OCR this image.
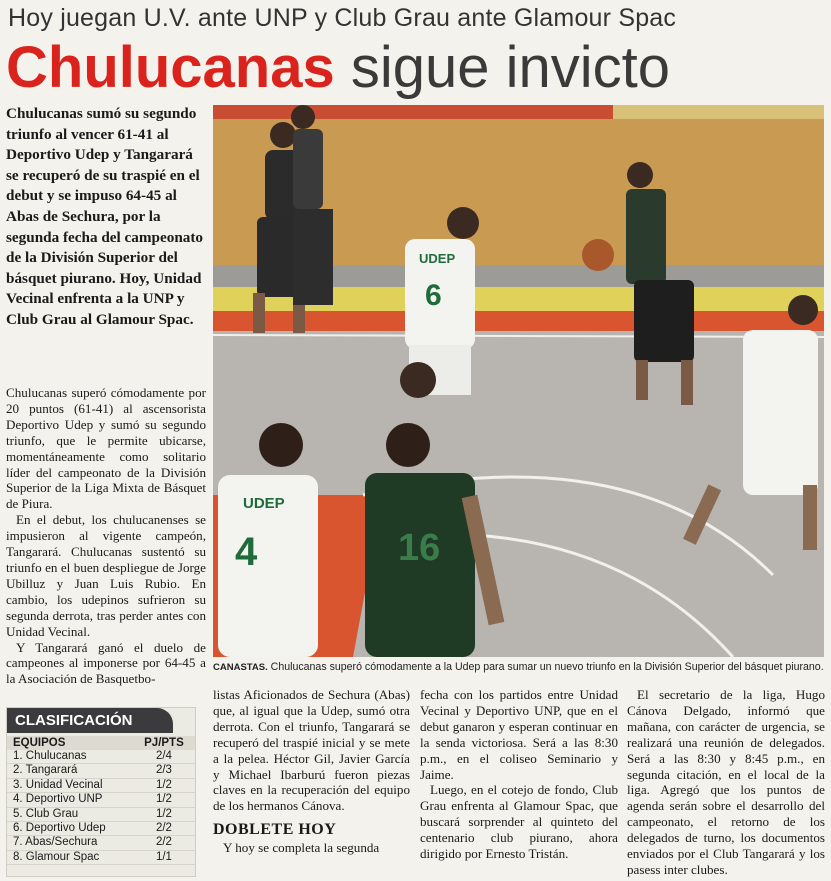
Hoy juegan U.V. ante UNP y Club Grau ante Glamour Spac
Chulucanas sigue invicto

Chulucanas sumó su segundo triunfo al vencer 61-41 al Deportivo Udep y Tangarará se recuperó de su traspié en el debut y se impuso 64-45 al Abas de Sechura, por la segunda fecha del campeonato de la División Superior del básquet piurano. Hoy, Unidad Vecinal enfrenta a la UNP y Club Grau al Glamour Spac.

Chulucanas superó cómodamente por 20 puntos (61-41) al ascensorista Deportivo Udep y sumó su segundo triunfo, que le permite ubicarse, momentáneamente como solitario líder del campeonato de la División Superior de la Liga Mixta de Básquet de Piura.

En el debut, los chulucanenses se impusieron al vigente campeón, Tangarará. Chulucanas sustentó su triunfo en el buen despliegue de Jorge Ubilluz y Juan Luis Rubio. En cambio, los udepinos sufrieron su segunda derrota, tras perder antes con Unidad Vecinal.

Y Tangarará ganó el duelo de campeones al imponerse por 64-45 a la Asociación de Basquetbo-

UDEP
6
UDEP
4	16
CANASTAS. Chulucanas superó cómodamente a la Udep para sumar un nuevo triunfo en la División Superior del básquet piurano.

listas Aficionados de Sechura (Abas) que, al igual que la Udep, sumó otra derrota. Con el triunfo, Tangarará se recuperó del traspié inicial y se mete a la pelea. Héctor Gil, Javier García y Michael Ibarburú fueron piezas claves en la recuperación del equipo de los hermanos Cánova.

DOBLETE HOY

Y hoy se completa la segunda

fecha con los partidos entre Unidad Vecinal y Deportivo UNP, que en el debut ganaron y esperan continuar en la senda victoriosa. Será a las 8:30 p.m., en el coliseo Seminario y Jaime.

Luego, en el cotejo de fondo, Club Grau enfrenta al Glamour Spac, que buscará sorprender al quinteto del centenario club piurano, ahora dirigido por Ernesto Tristán.

El secretario de la liga, Hugo Cánova Delgado, informó que mañana, con carácter de urgencia, se realizará una reunión de delegados. Será a las 8:30 y 8:45 p.m., en segunda citación, en el local de la liga. Agregó que los puntos de agenda serán sobre el desarrollo del campeonato, el retorno de los delegados de turno, los documentos enviados por el Club Tangarará y los pasess inter clubes.

CLASIFICACIÓN
EQUIPOS	PJ/PTS
1. Chulucanas	2/4
2. Tangarará	2/3
3. Unidad Vecinal	1/2
4. Deportivo UNP	1/2
5. Club Grau	1/2
6. Deportivo Udep	2/2
7. Abas/Sechura	2/2
8. Glamour Spac	1/1
